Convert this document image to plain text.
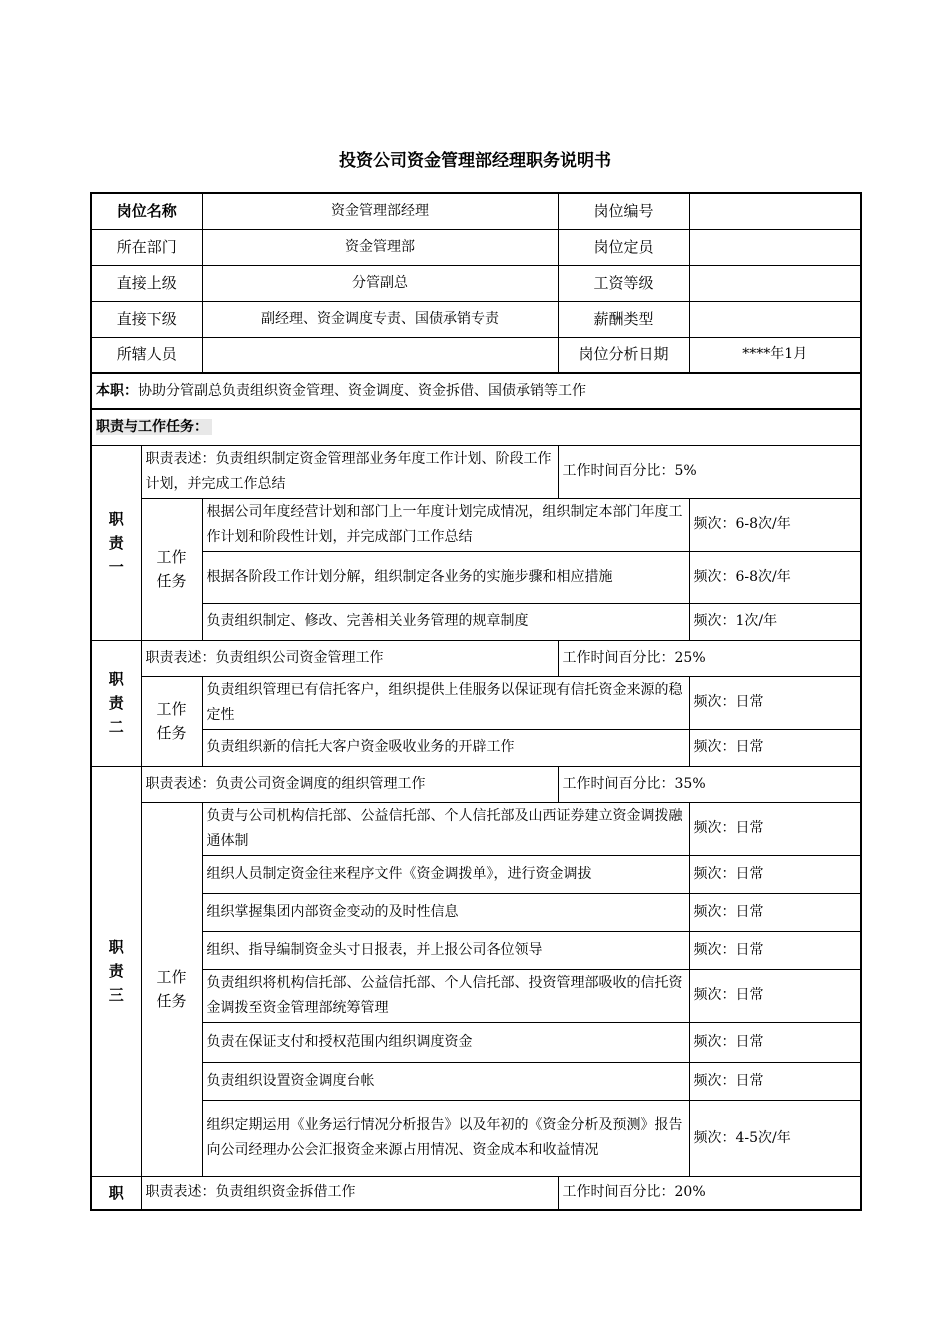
投资公司资金管理部经理职务说明书
岗位名称		资金管理部经理	岗位编号	
所在部门		资金管理部	岗位定员	
直接上级		分管副总	工资等级	
直接下级		副经理、资金调度专责、国债承销专责	薪酬类型	
所辖人员			岗位分析日期	****年1月
本职：协助分管副总负责组织资金管理、资金调度、资金拆借、国债承销等工作				
职责与工作任务：				

职
责
一	职责表述：负责组织制定资金管理部业务年度工作计划、阶段工作计划，并完成工作总结		工作时间百分比：5%	

	工作
任务	根据公司年度经营计划和部门上一年度计划完成情况，组织制定本部门年度工作计划和阶段性计划，并完成部门工作总结		频次：6-8次/年
		根据各阶段工作计划分解，组织制定各业务的实施步骤和相应措施		频次：6-8次/年
		负责组织制定、修改、完善相关业务管理的规章制度		频次：1次/年

职
责
二	职责表述：负责组织公司资金管理工作		工作时间百分比：25%	

	工作
任务	负责组织管理已有信托客户，组织提供上佳服务以保证现有信托资金来源的稳定性		频次：日常
		负责组织新的信托大客户资金吸收业务的开辟工作		频次：日常

职
责
三	职责表述：负责公司资金调度的组织管理工作		工作时间百分比：35%	

	工作
任务	负责与公司机构信托部、公益信托部、个人信托部及山西证券建立资金调拨融通体制		频次：日常
		组织人员制定资金往来程序文件《资金调拨单》，进行资金调拔		频次：日常
		组织掌握集团内部资金变动的及时性信息		频次：日常
		组织、指导编制资金头寸日报表，并上报公司各位领导		频次：日常
		负责组织将机构信托部、公益信托部、个人信托部、投资管理部吸收的信托资金调拨至资金管理部统筹管理		频次：日常
		负责在保证支付和授权范围内组织调度资金		频次：日常
		负责组织设置资金调度台帐		频次：日常
		组织定期运用《业务运行情况分析报告》以及年初的《资金分析及预测》报告向公司经理办公会汇报资金来源占用情况、资金成本和收益情况		频次：4-5次/年

职	职责表述：负责组织资金拆借工作		工作时间百分比：20%	
